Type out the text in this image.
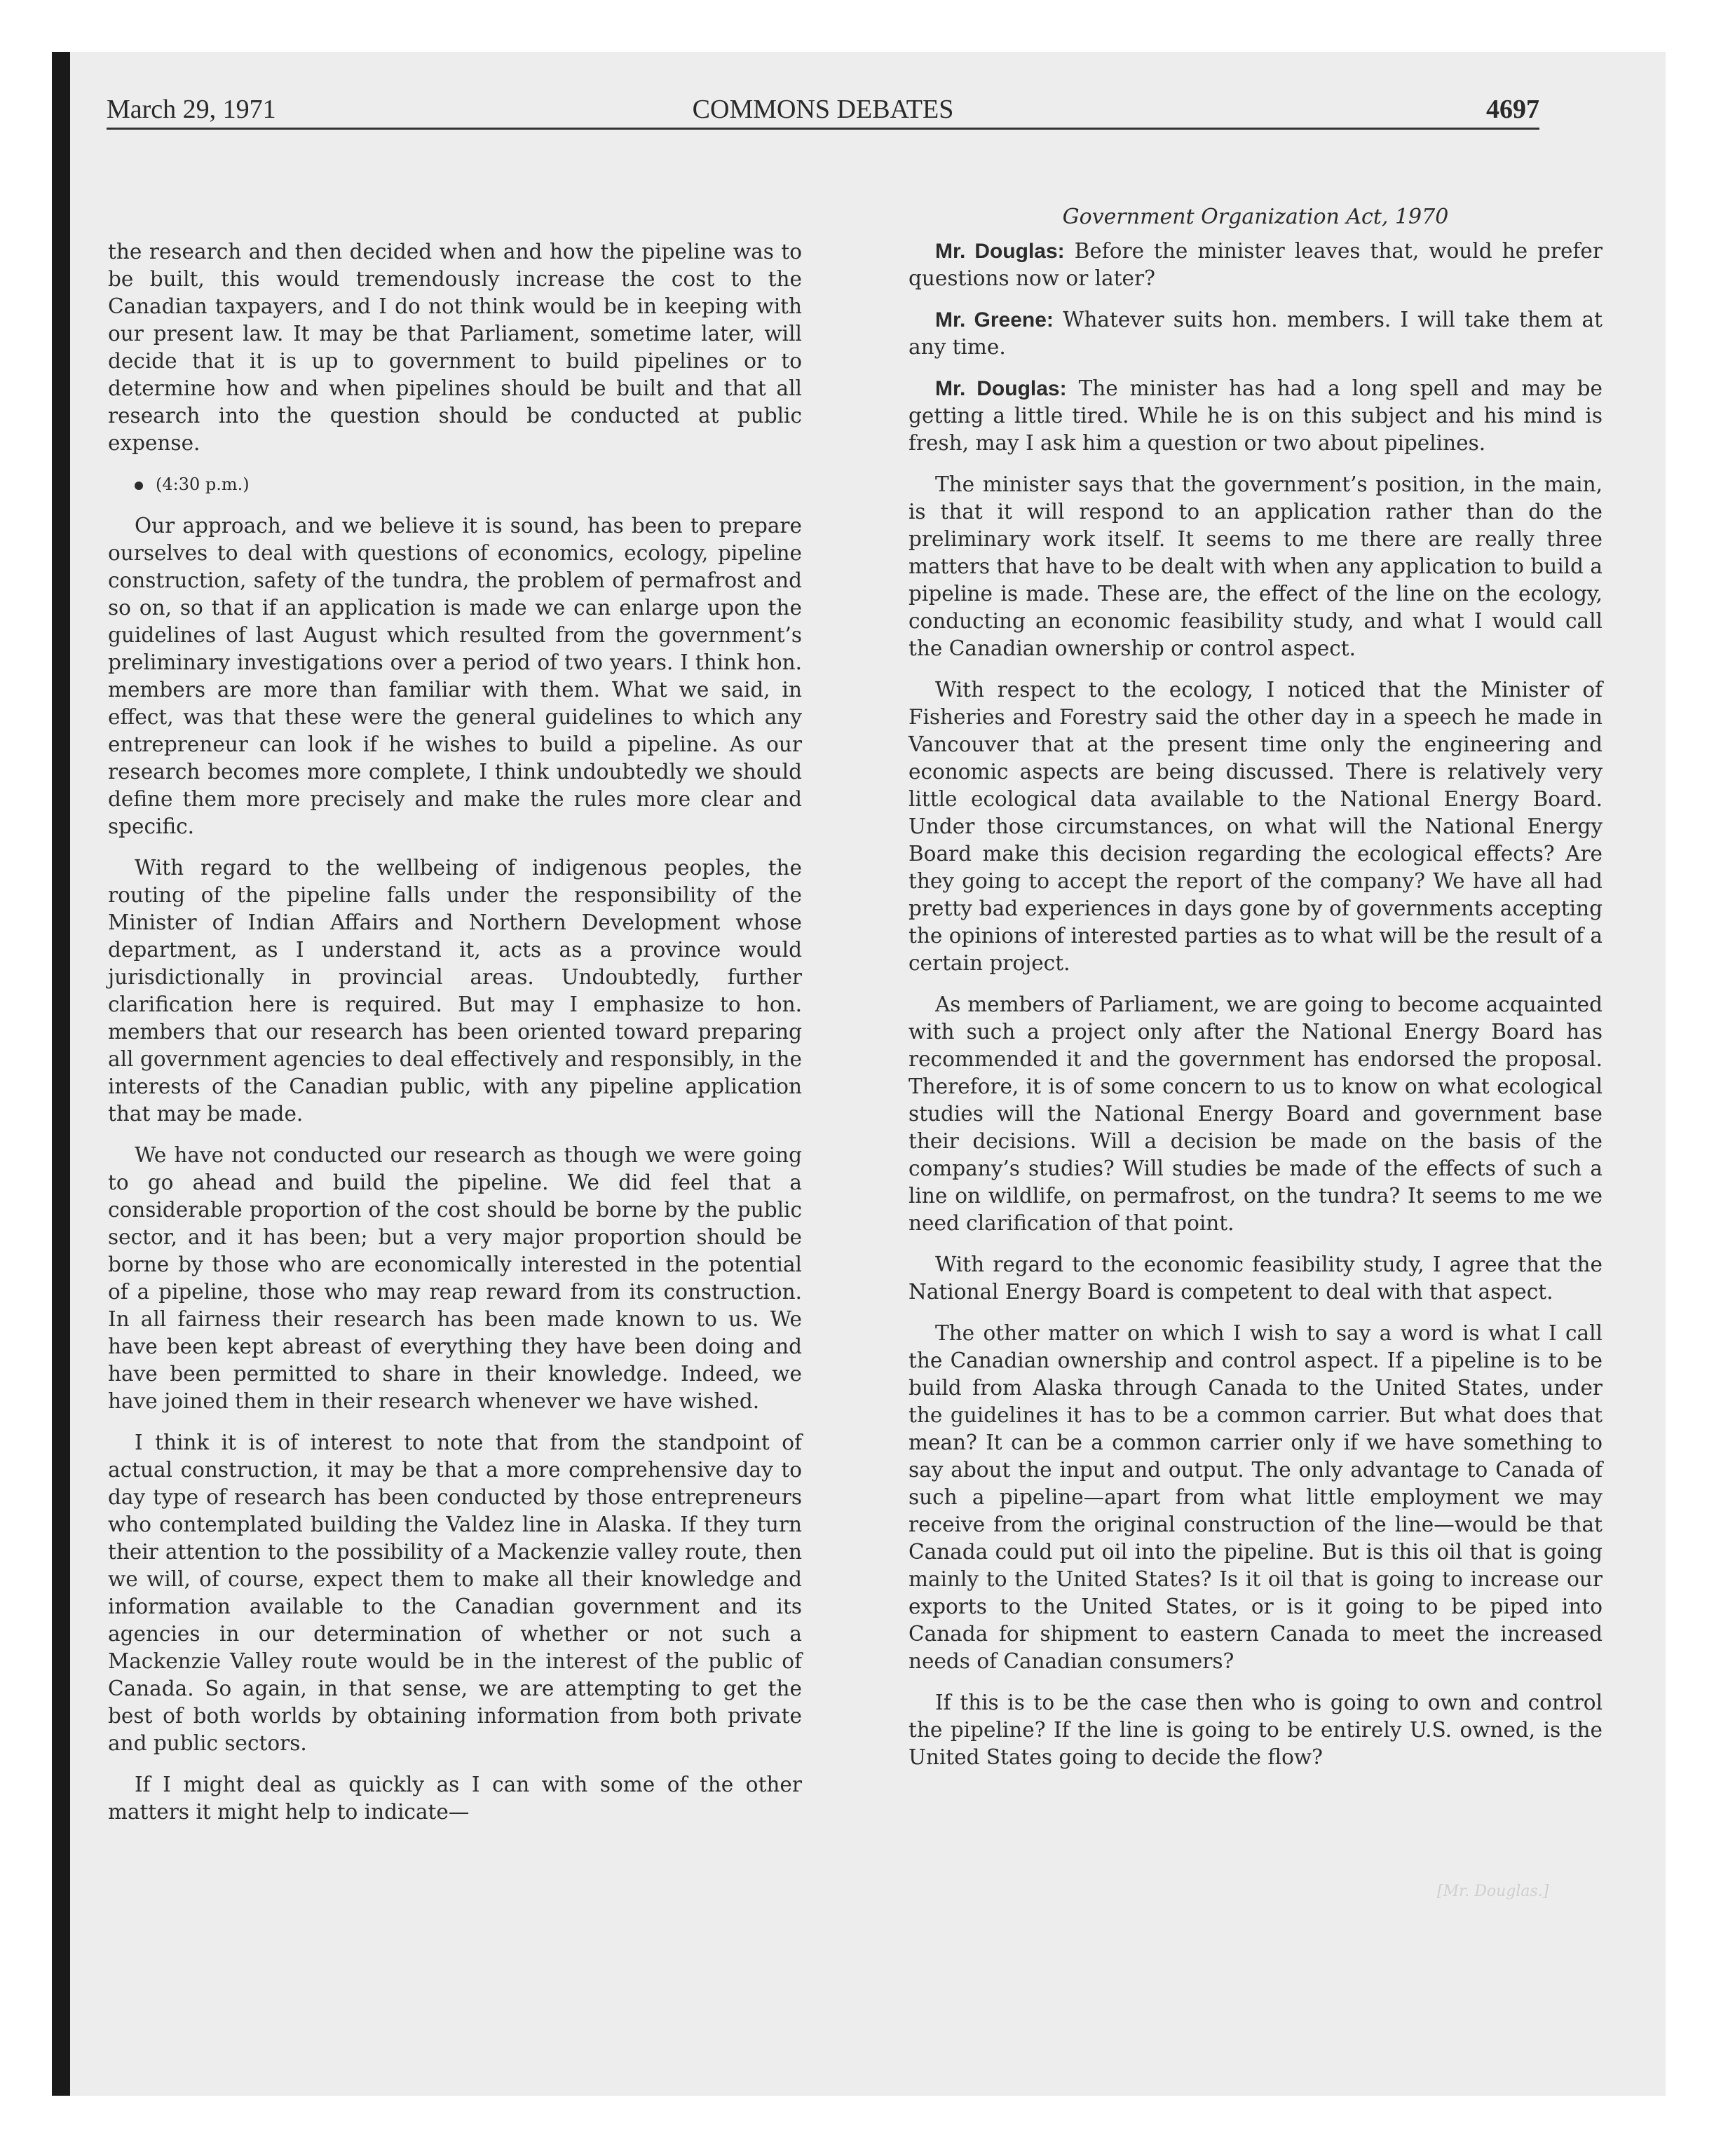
March 29, 1971	COMMONS DEBATES	4697

the research and then decided when and how the pipeline was to be built, this would tremendously increase the cost to the Canadian taxpayers, and I do not think would be in keeping with our present law. It may be that Parliament, sometime later, will decide that it is up to government to build pipelines or to determine how and when pipelines should be built and that all research into the question should be conducted at public expense.

(4:30 p.m.)

Our approach, and we believe it is sound, has been to prepare ourselves to deal with questions of economics, ecology, pipeline construction, safety of the tundra, the problem of permafrost and so on, so that if an application is made we can enlarge upon the guidelines of last August which resulted from the government’s preliminary investigations over a period of two years. I think hon. members are more than familiar with them. What we said, in effect, was that these were the general guidelines to which any entrepreneur can look if he wishes to build a pipeline. As our research becomes more complete, I think undoubtedly we should define them more precisely and make the rules more clear and specific.

With regard to the wellbeing of indigenous peoples, the routing of the pipeline falls under the responsibility of the Minister of Indian Affairs and Northern Development whose department, as I understand it, acts as a province would jurisdictionally in provincial areas. Undoubtedly, further clarification here is required. But may I emphasize to hon. members that our research has been oriented toward preparing all government agencies to deal effectively and responsibly, in the interests of the Canadian public, with any pipeline application that may be made.

We have not conducted our research as though we were going to go ahead and build the pipeline. We did feel that a considerable proportion of the cost should be borne by the public sector, and it has been; but a very major proportion should be borne by those who are economically interested in the potential of a pipeline, those who may reap reward from its construction. In all fairness their research has been made known to us. We have been kept abreast of everything they have been doing and have been permitted to share in their knowledge. Indeed, we have joined them in their research whenever we have wished.

I think it is of interest to note that from the standpoint of actual construction, it may be that a more comprehensive day to day type of research has been conducted by those entrepreneurs who contemplated building the Valdez line in Alaska. If they turn their attention to the possibility of a Mackenzie valley route, then we will, of course, expect them to make all their knowledge and information available to the Canadian government and its agencies in our determination of whether or not such a Mackenzie Valley route would be in the interest of the public of Canada. So again, in that sense, we are attempting to get the best of both worlds by obtaining information from both private and public sectors.

If I might deal as quickly as I can with some of the other matters it might help to indicate—

Government Organization Act, 1970

Mr. Douglas: Before the minister leaves that, would he prefer questions now or later?

Mr. Greene: Whatever suits hon. members. I will take them at any time.

Mr. Douglas: The minister has had a long spell and may be getting a little tired. While he is on this subject and his mind is fresh, may I ask him a question or two about pipelines.

The minister says that the government’s position, in the main, is that it will respond to an application rather than do the preliminary work itself. It seems to me there are really three matters that have to be dealt with when any application to build a pipeline is made. These are, the effect of the line on the ecology, conducting an economic feasibility study, and what I would call the Canadian ownership or control aspect.

With respect to the ecology, I noticed that the Minister of Fisheries and Forestry said the other day in a speech he made in Vancouver that at the present time only the engineering and economic aspects are being discussed. There is relatively very little ecological data available to the National Energy Board. Under those circumstances, on what will the National Energy Board make this decision regarding the ecological effects? Are they going to accept the report of the company? We have all had pretty bad experiences in days gone by of governments accepting the opinions of interested parties as to what will be the result of a certain project.

As members of Parliament, we are going to become acquainted with such a project only after the National Energy Board has recommended it and the government has endorsed the proposal. Therefore, it is of some concern to us to know on what ecological studies will the National Energy Board and government base their decisions. Will a decision be made on the basis of the company’s studies? Will studies be made of the effects of such a line on wildlife, on permafrost, on the tundra? It seems to me we need clarification of that point.

With regard to the economic feasibility study, I agree that the National Energy Board is competent to deal with that aspect.

The other matter on which I wish to say a word is what I call the Canadian ownership and control aspect. If a pipeline is to be build from Alaska through Canada to the United States, under the guidelines it has to be a common carrier. But what does that mean? It can be a common carrier only if we have something to say about the input and output. The only advantage to Canada of such a pipeline—apart from what little employment we may receive from the original construction of the line—would be that Canada could put oil into the pipeline. But is this oil that is going mainly to the United States? Is it oil that is going to increase our exports to the United States, or is it going to be piped into Canada for shipment to eastern Canada to meet the increased needs of Canadian consumers?

If this is to be the case then who is going to own and control the pipeline? If the line is going to be entirely U.S. owned, is the United States going to decide the flow?

[Mr. Douglas.]
